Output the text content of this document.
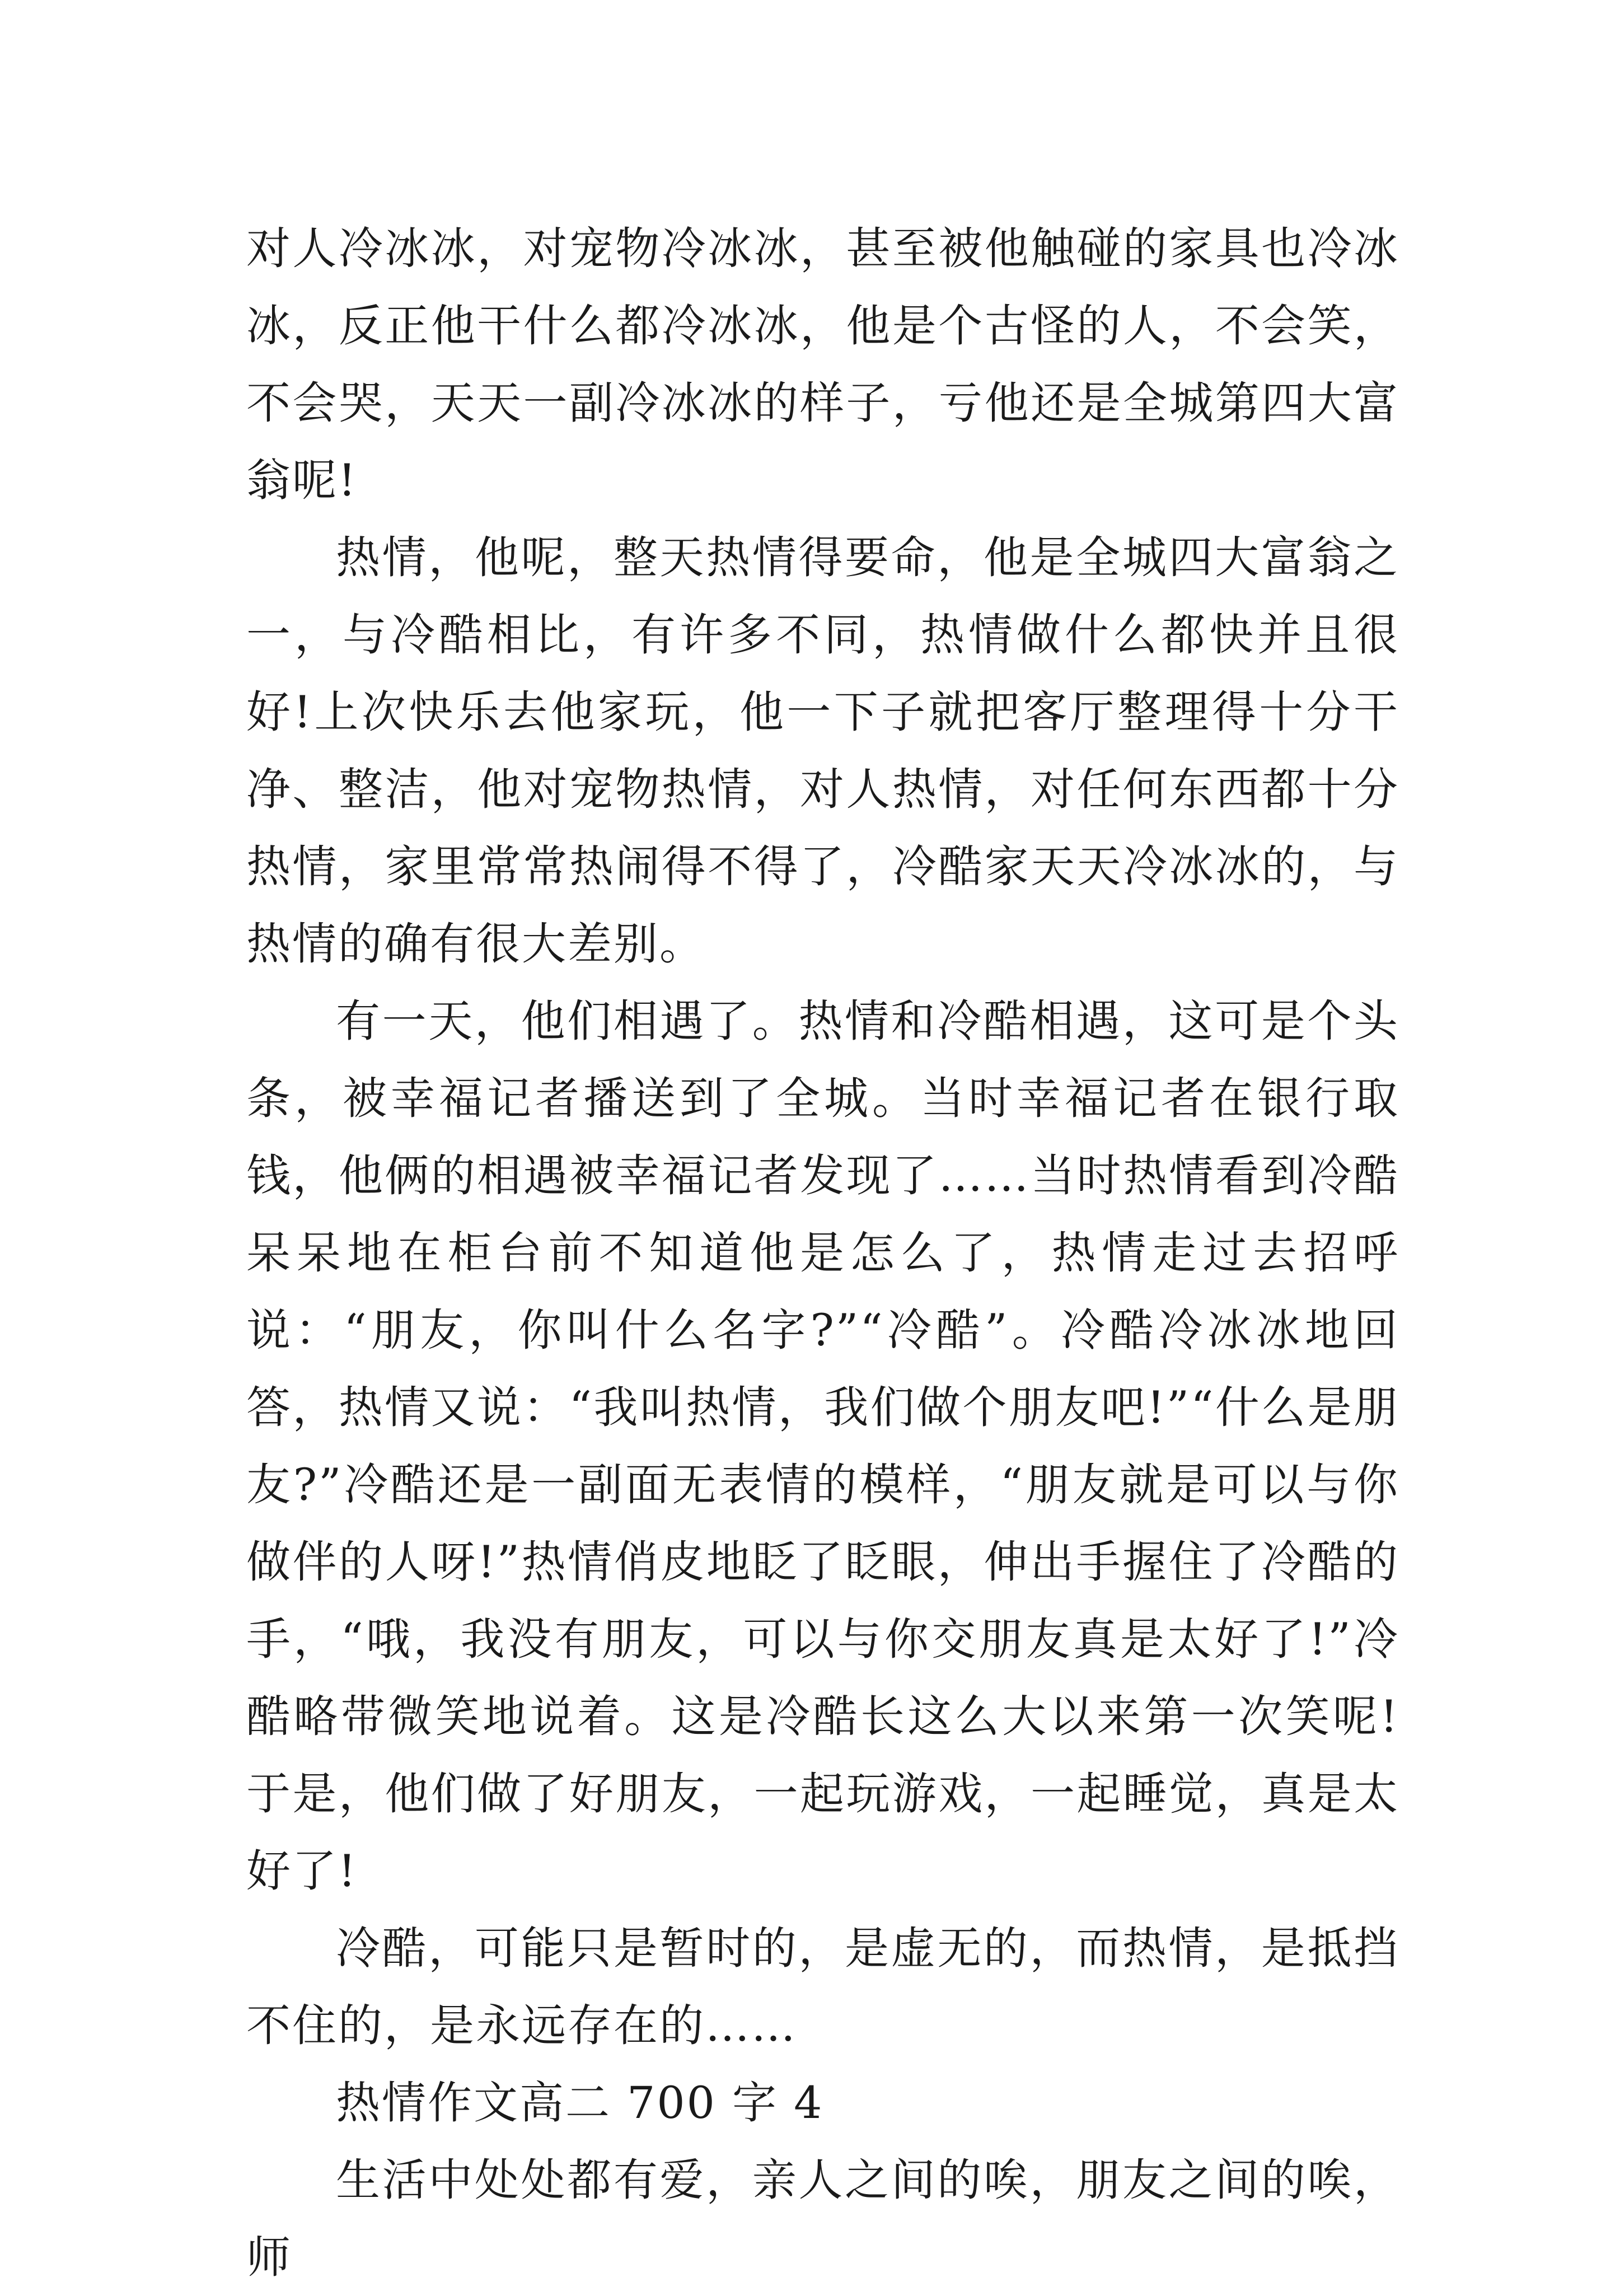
对人冷冰冰，对宠物冷冰冰，甚至被他触碰的家具也冷冰冰，反正他干什么都冷冰冰，他是个古怪的人，不会笑，不会哭，天天一副冷冰冰的样子，亏他还是全城第四大富翁呢!

热情，他呢，整天热情得要命，他是全城四大富翁之一，与冷酷相比，有许多不同，热情做什么都快并且很好!上次快乐去他家玩，他一下子就把客厅整理得十分干净、整洁，他对宠物热情，对人热情，对任何东西都十分热情，家里常常热闹得不得了，冷酷家天天冷冰冰的，与热情的确有很大差别。

有一天，他们相遇了。热情和冷酷相遇，这可是个头条，被幸福记者播送到了全城。当时幸福记者在银行取钱，他俩的相遇被幸福记者发现了……当时热情看到冷酷呆呆地在柜台前不知道他是怎么了，热情走过去招呼说：“朋友，你叫什么名字?”“冷酷”。冷酷冷冰冰地回答，热情又说：“我叫热情，我们做个朋友吧!”“什么是朋友?”冷酷还是一副面无表情的模样，“朋友就是可以与你做伴的人呀!”热情俏皮地眨了眨眼，伸出手握住了冷酷的手，“哦，我没有朋友，可以与你交朋友真是太好了!”冷酷略带微笑地说着。这是冷酷长这么大以来第一次笑呢!于是，他们做了好朋友，一起玩游戏，一起睡觉，真是太好了!

冷酷，可能只是暂时的，是虚无的，而热情，是抵挡不住的，是永远存在的……

热情作文高二 700 字 4

生活中处处都有爱，亲人之间的唉，朋友之间的唉，师
